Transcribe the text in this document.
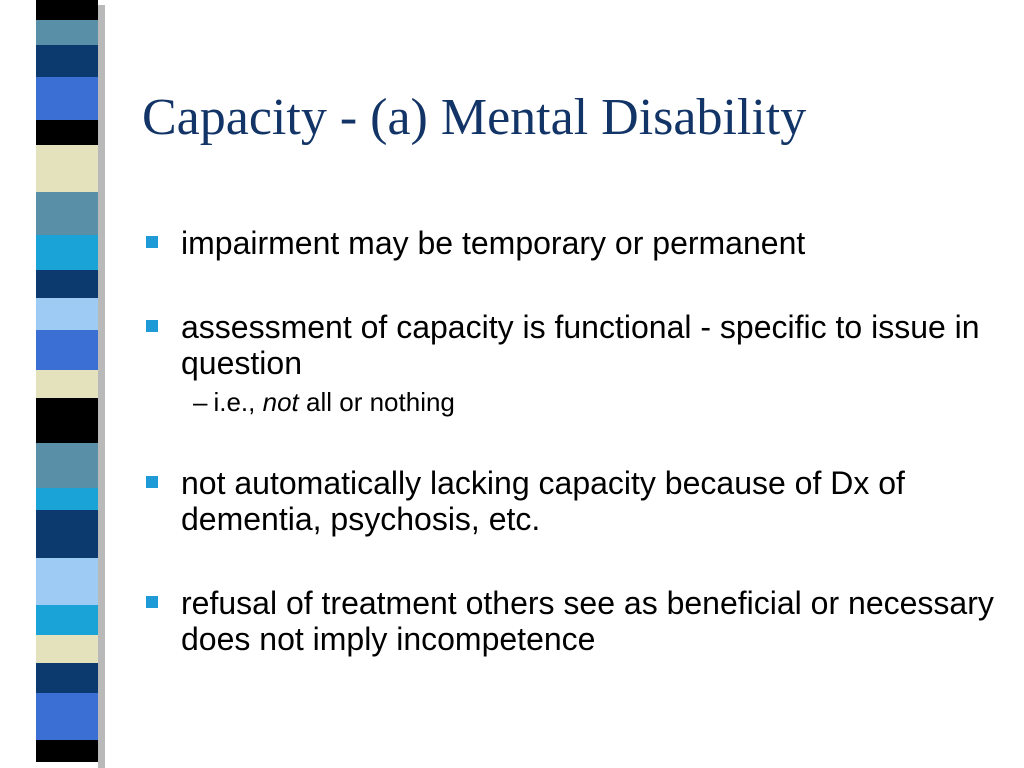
Capacity - (a) Mental Disability
impairment may be temporary or permanent
assessment of capacity is functional - specific to issue in question
– i.e., not all or nothing
not automatically lacking capacity because of Dx of dementia, psychosis, etc.
refusal of treatment others see as beneficial or necessary does not imply incompetence
